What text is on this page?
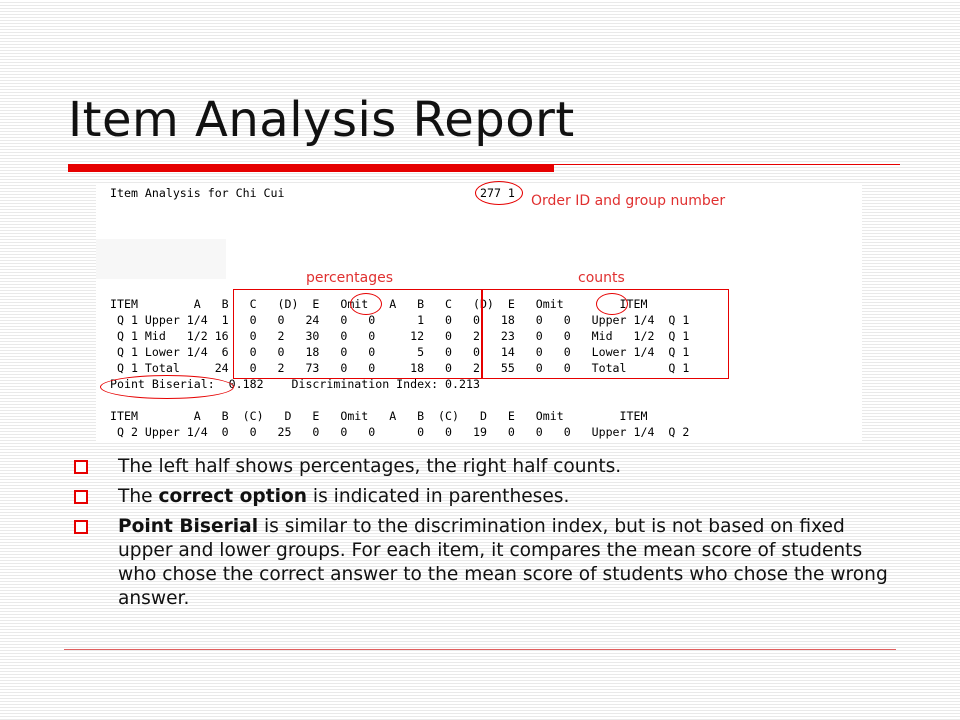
Item Analysis Report
Item Analysis for Chi Cui	277 1 Order ID and group number
percentages	counts
ITEM        A   B   C   (D)  E   Omit   A   B   C   (D)  E   Omit        ITEM
Q 1 Upper 1/4  1   0   0   24   0   0      1   0   0   18   0   0   Upper 1/4  Q 1
Q 1 Mid   1/2 16   0   2   30   0   0     12   0   2   23   0   0   Mid   1/2  Q 1
Q 1 Lower 1/4  6   0   0   18   0   0      5   0   0   14   0   0   Lower 1/4  Q 1
Q 1 Total     24   0   2   73   0   0     18   0   2   55   0   0   Total      Q 1
Point Biserial:  0.182    Discrimination Index: 0.213
ITEM        A   B  (C)   D   E   Omit   A   B  (C)   D   E   Omit        ITEM
Q 2 Upper 1/4  0   0   25   0   0   0      0   0   19   0   0   0   Upper 1/4  Q 2
The left half shows percentages, the right half counts.
The correct option is indicated in parentheses.
Point Biserial is similar to the discrimination index, but is not based on fixed upper and lower groups. For each item, it compares the mean score of students who chose the correct answer to the mean score of students who chose the wrong answer.
